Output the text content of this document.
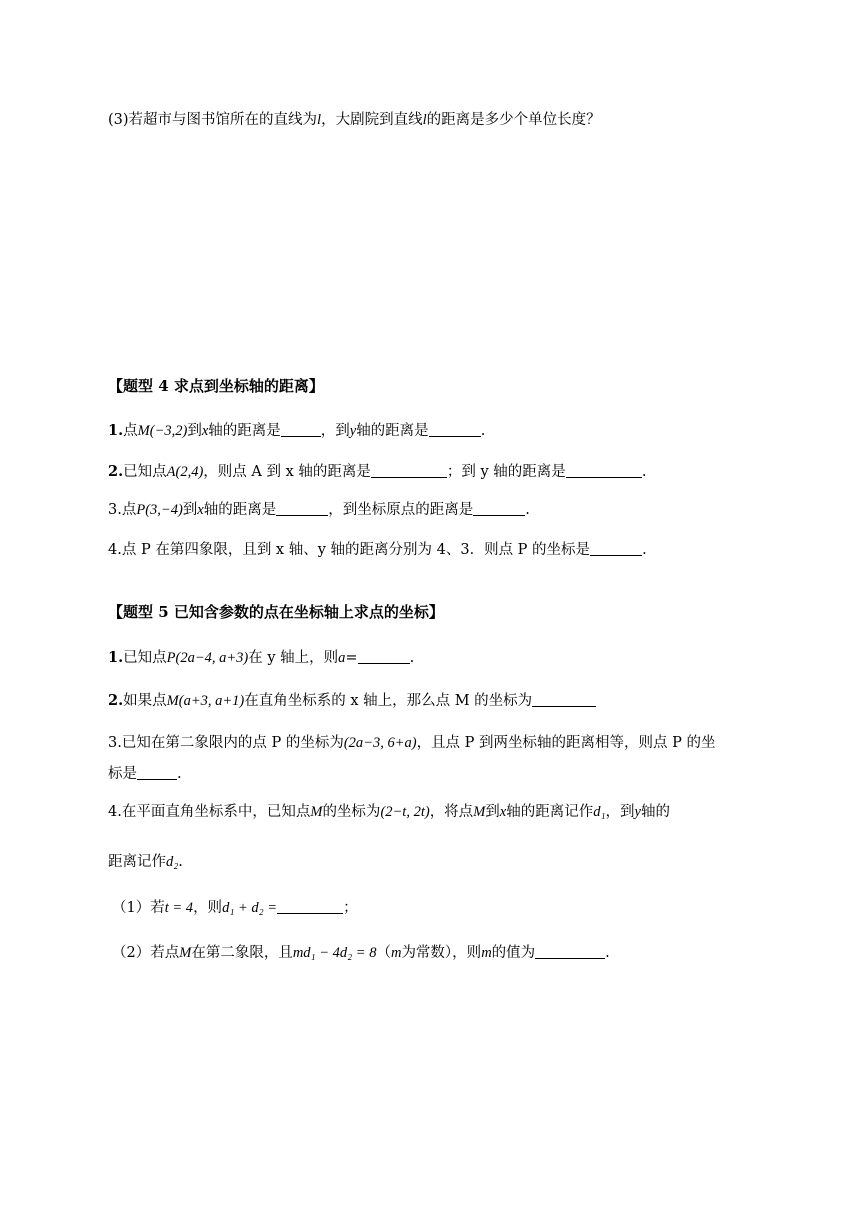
(3)若超市与图书馆所在的直线为l，大剧院到直线l的距离是多少个单位长度？
【题型 4 求点到坐标轴的距离】
1.点M(−3,2)到x轴的距离是	，到y轴的距离是	.
2.已知点A(2,4)，则点 A 到 x 轴的距离是	；到 y 轴的距离是	.
3.点P(3,−4)到x轴的距离是	，到坐标原点的距离是	.
4.点 P 在第四象限，且到 x 轴、y 轴的距离分别为 4、3．则点 P 的坐标是	.
【题型 5 已知含参数的点在坐标轴上求点的坐标】
1.已知点P(2a−4, a+3)在 y 轴上，则a=	.
2.如果点M(a+3, a+1)在直角坐标系的 x 轴上，那么点 M 的坐标为
3.已知在第二象限内的点 P 的坐标为(2a−3, 6+a)，且点 P 到两坐标轴的距离相等，则点 P 的坐
标是	.
4.在平面直角坐标系中，已知点M的坐标为(2−t, 2t)，将点M到x轴的距离记作d₁，到y轴的
距离记作d₂.
（1）若t = 4，则d₁ + d₂ =	；
（2）若点M在第二象限，且md₁ − 4d₂ = 8（m为常数），则m的值为	.
